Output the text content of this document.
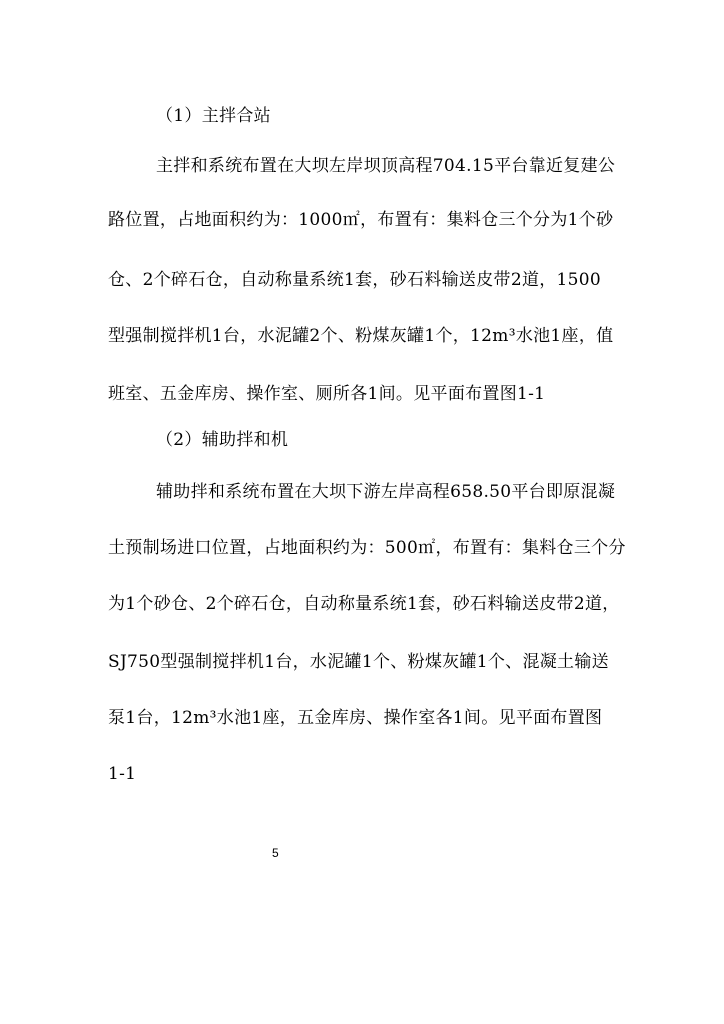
（1）主拌合站
主拌和系统布置在大坝左岸坝顶高程704.15平台靠近复建公
路位置，占地面积约为：1000㎡，布置有：集料仓三个分为1个砂
仓、2个碎石仓，自动称量系统1套，砂石料输送皮带2道，1500
型强制搅拌机1台，水泥罐2个、粉煤灰罐1个，12m³水池1座，值
班室、五金库房、操作室、厕所各1间。见平面布置图1-1
（2）辅助拌和机
辅助拌和系统布置在大坝下游左岸高程658.50平台即原混凝
土预制场进口位置，占地面积约为：500㎡，布置有：集料仓三个分
为1个砂仓、2个碎石仓，自动称量系统1套，砂石料输送皮带2道，
SJ750型强制搅拌机1台，水泥罐1个、粉煤灰罐1个、混凝土输送
泵1台，12m³水池1座，五金库房、操作室各1间。见平面布置图
1-1
5
